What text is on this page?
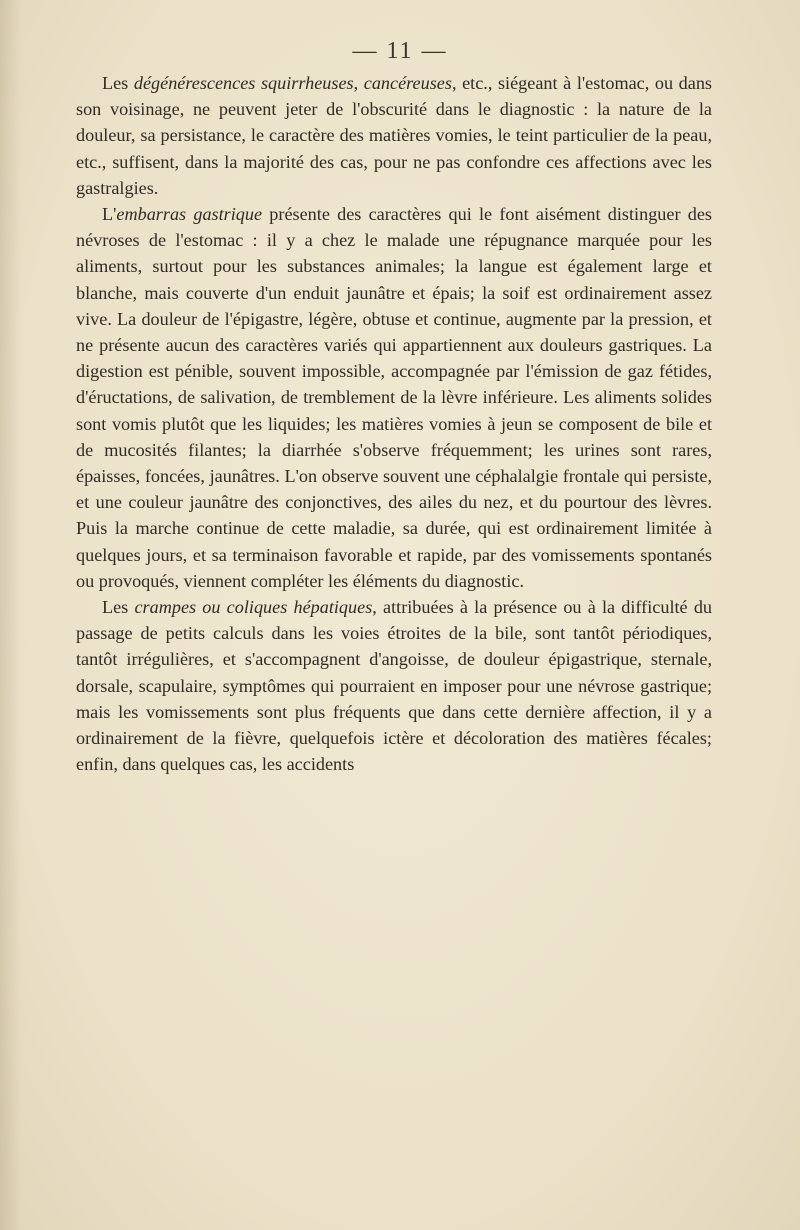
— 11 —

Les dégénérescences squirrheuses, cancéreuses, etc., siégeant à l'estomac, ou dans son voisinage, ne peuvent jeter de l'obscurité dans le diagnostic : la nature de la douleur, sa persistance, le caractère des matières vomies, le teint particulier de la peau, etc., suffisent, dans la majorité des cas, pour ne pas confondre ces affections avec les gastralgies.

L'embarras gastrique présente des caractères qui le font aisément distinguer des névroses de l'estomac : il y a chez le malade une répugnance marquée pour les aliments, surtout pour les substances animales; la langue est également large et blanche, mais couverte d'un enduit jaunâtre et épais; la soif est ordinairement assez vive. La douleur de l'épigastre, légère, obtuse et continue, augmente par la pression, et ne présente aucun des caractères variés qui appartiennent aux douleurs gastriques. La digestion est pénible, souvent impossible, accompagnée par l'émission de gaz fétides, d'éructations, de salivation, de tremblement de la lèvre inférieure. Les aliments solides sont vomis plutôt que les liquides; les matières vomies à jeun se composent de bile et de mucosités filantes; la diarrhée s'observe fréquemment; les urines sont rares, épaisses, foncées, jaunâtres. L'on observe souvent une céphalalgie frontale qui persiste, et une couleur jaunâtre des conjonctives, des ailes du nez, et du pourtour des lèvres. Puis la marche continue de cette maladie, sa durée, qui est ordinairement limitée à quelques jours, et sa terminaison favorable et rapide, par des vomissements spontanés ou provoqués, viennent compléter les éléments du diagnostic.

Les crampes ou coliques hépatiques, attribuées à la présence ou à la difficulté du passage de petits calculs dans les voies étroites de la bile, sont tantôt périodiques, tantôt irrégulières, et s'accompagnent d'angoisse, de douleur épigastrique, sternale, dorsale, scapulaire, symptômes qui pourraient en imposer pour une névrose gastrique; mais les vomissements sont plus fréquents que dans cette dernière affection, il y a ordinairement de la fièvre, quelquefois ictère et décoloration des matières fécales; enfin, dans quelques cas, les accidents
